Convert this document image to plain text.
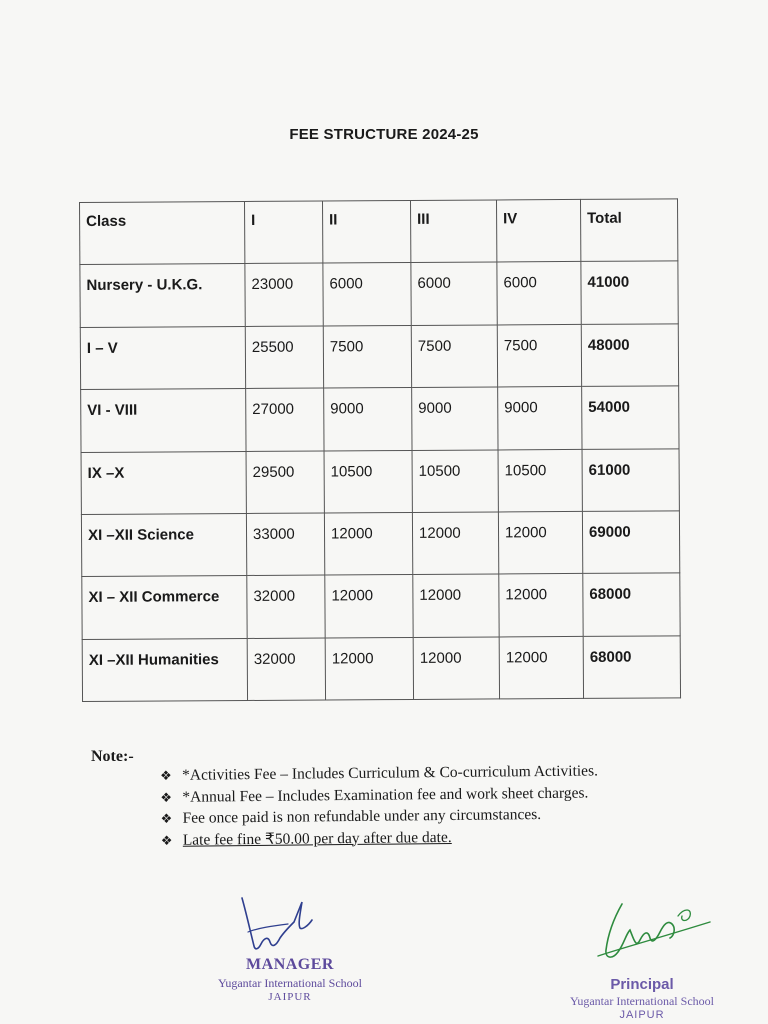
FEE STRUCTURE 2024-25
Class	I	II	III	IV	Total
Nursery - U.K.G.	23000	6000	6000	6000	41000
I – V	25500	7500	7500	7500	48000
VI - VIII	27000	9000	9000	9000	54000
IX –X	29500	10500	10500	10500	61000
XI –XII Science	33000	12000	12000	12000	69000
XI – XII Commerce	32000	12000	12000	12000	68000
XI –XII Humanities	32000	12000	12000	12000	68000
Note:-
❖ *Activities Fee – Includes Curriculum & Co-curriculum Activities.
❖ *Annual Fee – Includes Examination fee and work sheet charges.
❖ Fee once paid is non refundable under any circumstances.
❖ Late fee fine ₹50.00 per day after due date.
MANAGER
Yugantar International School
JAIPUR
Principal
Yugantar International School
JAIPUR
